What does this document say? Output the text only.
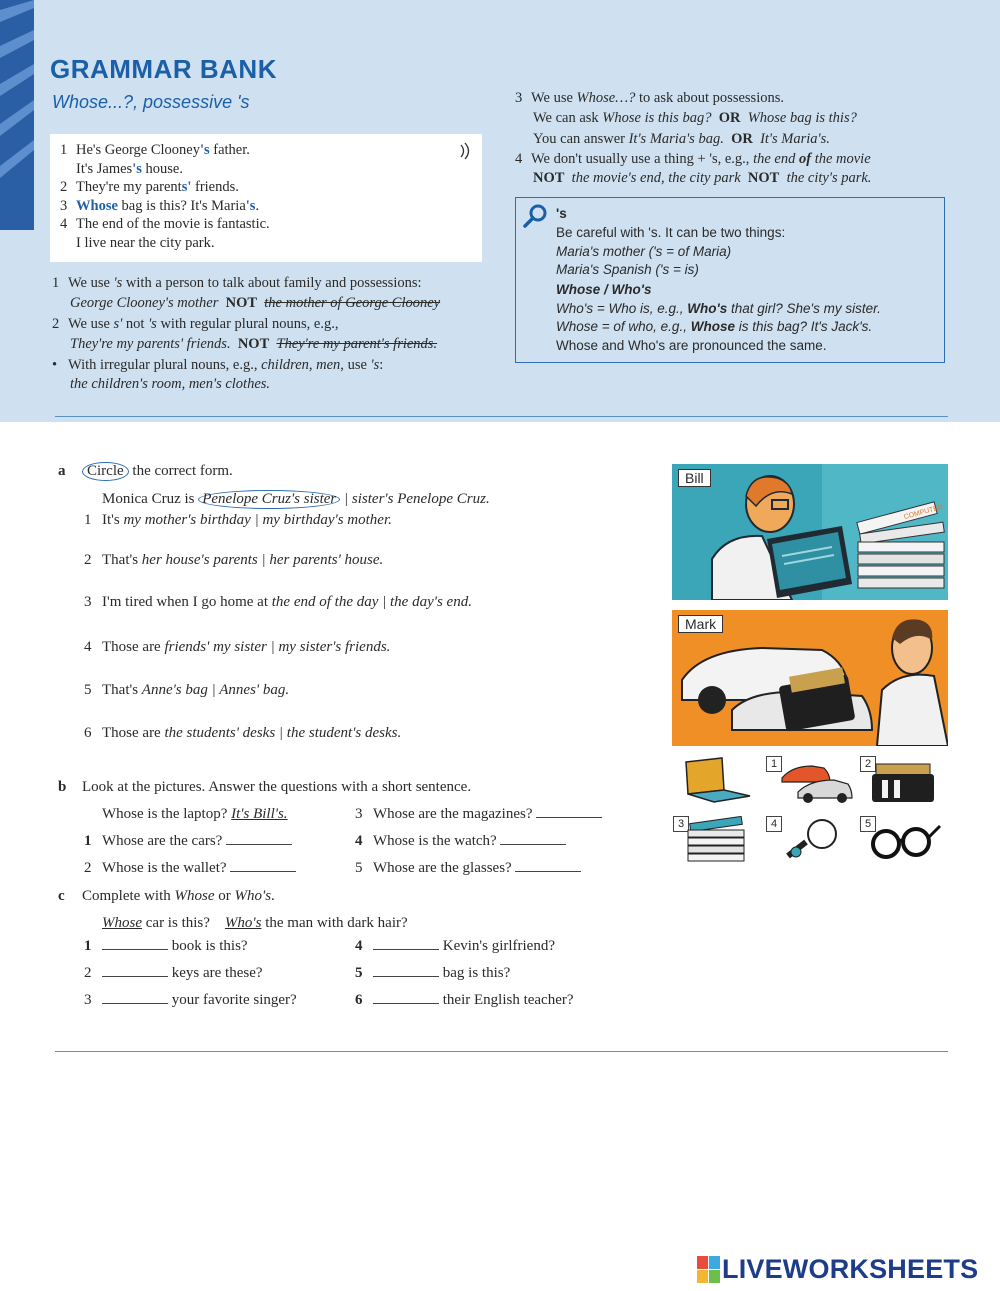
GRAMMAR BANK
Whose...?, possessive 's
1 He's George Clooney's father.
It's James's house.
2 They're my parents' friends.
3 Whose bag is this? It's Maria's.
4 The end of the movie is fantastic.
I live near the city park.
1 We use 's with a person to talk about family and possessions:
George Clooney's mother NOT the mother of George Clooney
2 We use s' not 's with regular plural nouns, e.g.,
They're my parents' friends. NOT They're my parent's friends.
• With irregular plural nouns, e.g., children, men, use 's:
the children's room, men's clothes.
3 We use Whose…? to ask about possessions.
We can ask Whose is this bag? OR Whose bag is this?
You can answer It's Maria's bag. OR It's Maria's.
4 We don't usually use a thing + 's, e.g., the end of the movie
NOT the movie's end, the city park NOT the city's park.
's
Be careful with 's. It can be two things:
Maria's mother ('s = of Maria)
Maria's Spanish ('s = is)
Whose / Who's
Who's = Who is, e.g., Who's that girl? She's my sister.
Whose = of who, e.g., Whose is this bag? It's Jack's.
Whose and Who's are pronounced the same.
a Circle the correct form.
Monica Cruz is Penelope Cruz's sister | sister's Penelope Cruz.
1 It's my mother's birthday | my birthday's mother.
2 That's her house's parents | her parents' house.
3 I'm tired when I go home at the end of the day | the day's end.
4 Those are friends' my sister | my sister's friends.
5 That's Anne's bag | Annes' bag.
6 Those are the students' desks | the student's desks.
COMPUTER
Bill
Mark
1	2
3	4	5
b Look at the pictures. Answer the questions with a short sentence.
Whose is the laptop? It's Bill's.
1 Whose are the cars?
2 Whose is the wallet?
3 Whose are the magazines?
4 Whose is the watch?
5 Whose are the glasses?
c Complete with Whose or Who's.
Whose car is this? Who's the man with dark hair?
1	book is this?
2	keys are these?
3	your favorite singer?
4	Kevin's girlfriend?
5	bag is this?
6	their English teacher?
LIVEWORKSHEETS
